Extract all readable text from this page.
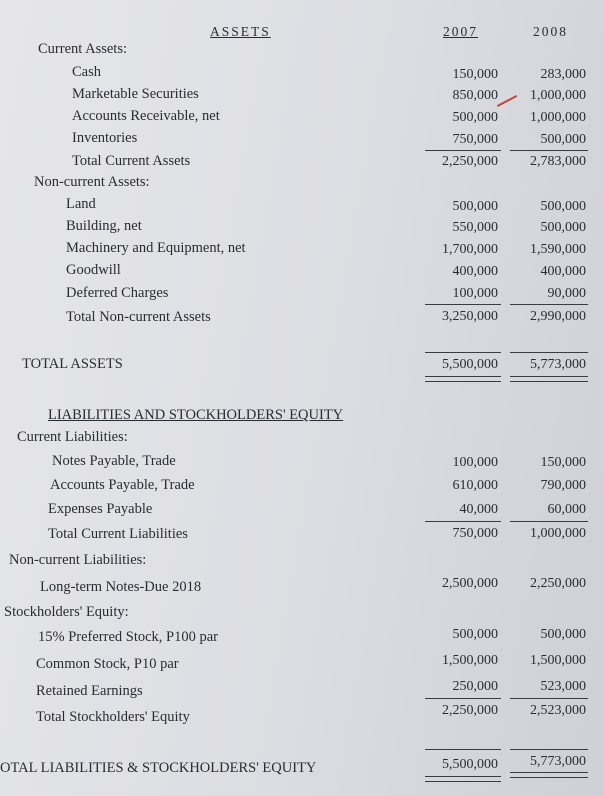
ASSETS	2007	2008
Current Assets:
Cash	150,000	283,000
Marketable Securities	850,000	1,000,000
Accounts Receivable, net	500,000	1,000,000
Inventories	750,000	500,000
Total Current Assets	2,250,000	2,783,000
Non-current Assets:
Land	500,000	500,000
Building, net	550,000	500,000
Machinery and Equipment, net	1,700,000	1,590,000
Goodwill	400,000	400,000
Deferred Charges	100,000	90,000
Total Non-current Assets	3,250,000	2,990,000
TOTAL ASSETS	5,500,000	5,773,000
LIABILITIES AND STOCKHOLDERS' EQUITY
Current Liabilities:
Notes Payable, Trade	100,000	150,000
Accounts Payable, Trade	610,000	790,000
Expenses Payable	40,000	60,000
Total Current Liabilities	750,000	1,000,000
Non-current Liabilities:
Long-term Notes-Due 2018	2,500,000	2,250,000
Stockholders' Equity:
15% Preferred Stock, P100 par	500,000	500,000
Common Stock, P10 par	1,500,000	1,500,000
Retained Earnings	250,000	523,000
Total Stockholders' Equity	2,250,000	2,523,000
OTAL LIABILITIES & STOCKHOLDERS' EQUITY	5,500,000	5,773,000
